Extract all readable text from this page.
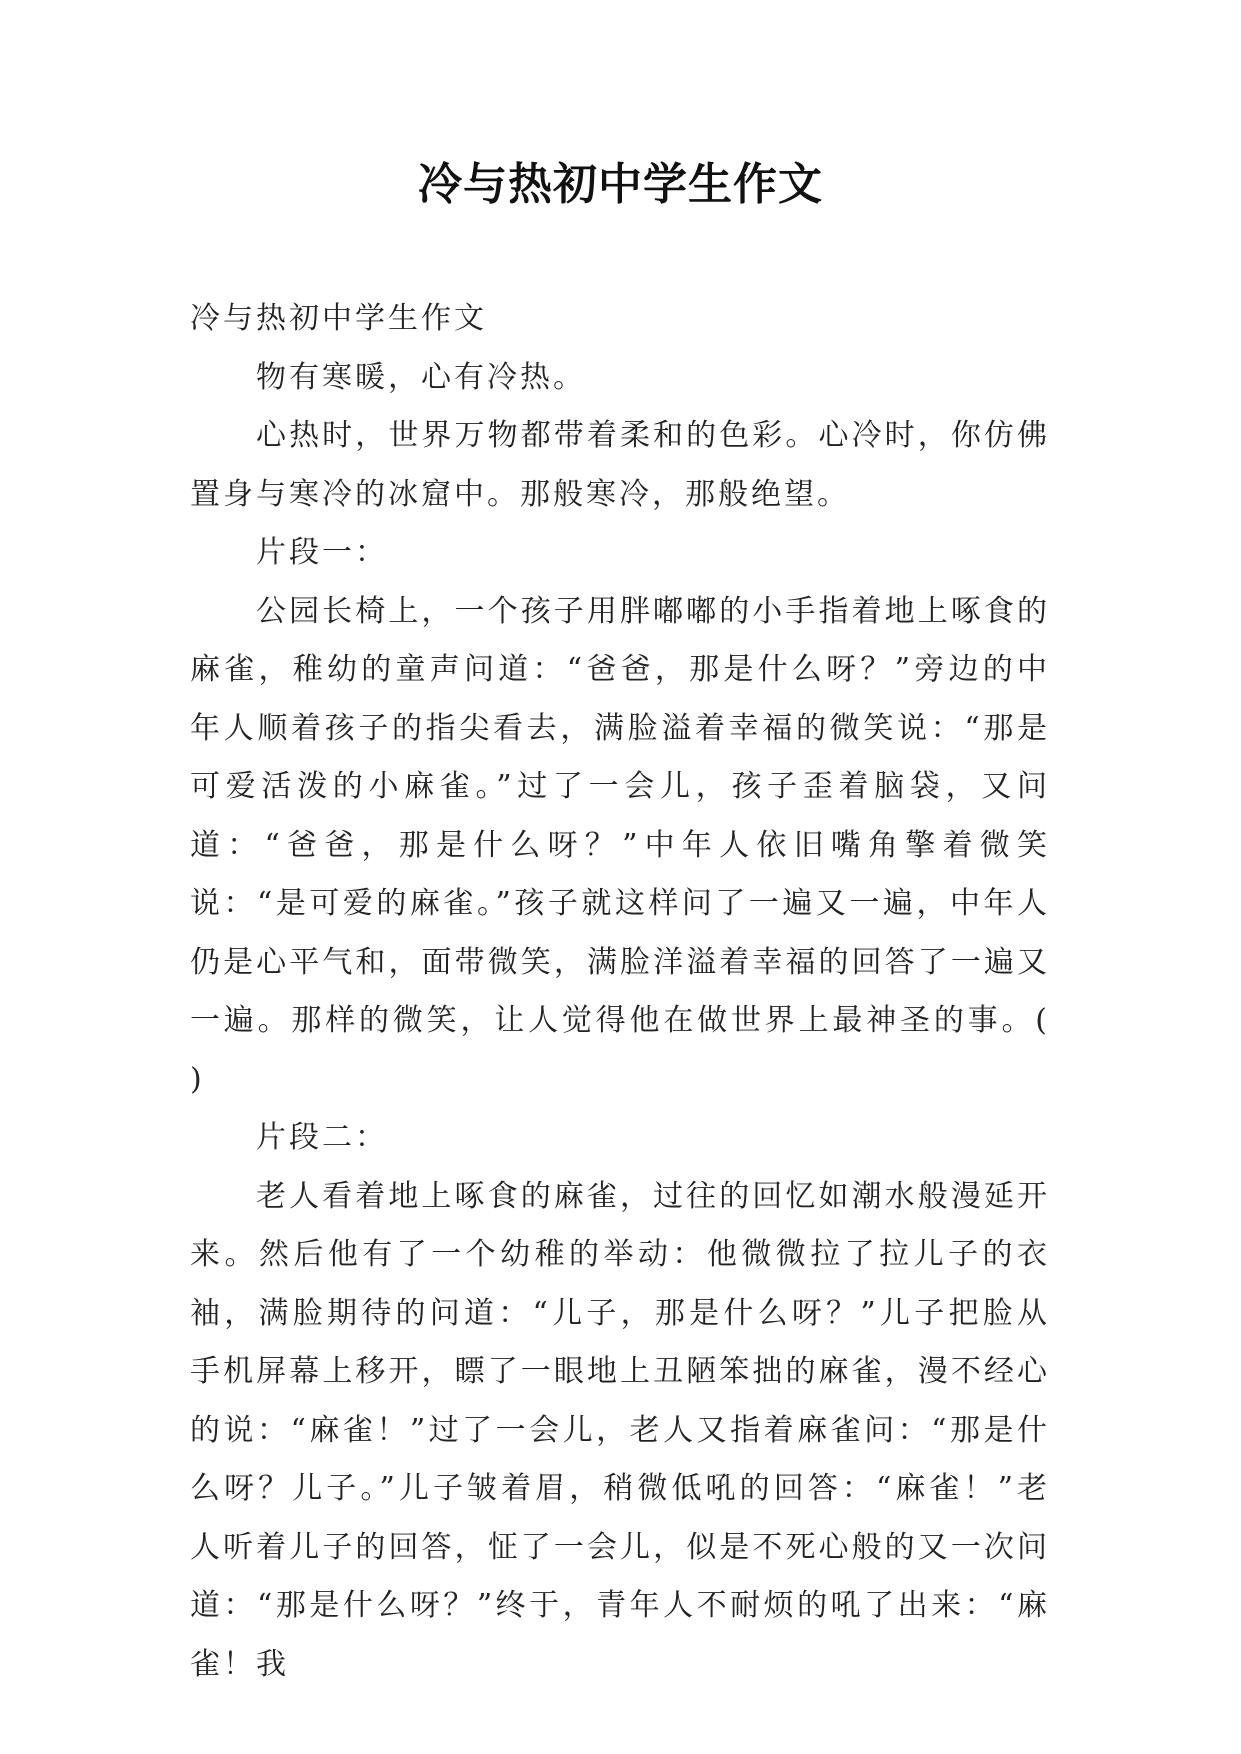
冷与热初中学生作文

冷与热初中学生作文

物有寒暖，心有冷热。

心热时，世界万物都带着柔和的色彩。心冷时，你仿佛置身与寒冷的冰窟中。那般寒冷，那般绝望。

片段一：

公园长椅上，一个孩子用胖嘟嘟的小手指着地上啄食的麻雀，稚幼的童声问道：“爸爸，那是什么呀？”旁边的中年人顺着孩子的指尖看去，满脸溢着幸福的微笑说：“那是可爱活泼的小麻雀。”过了一会儿，孩子歪着脑袋，又问道：“爸爸，那是什么呀？”中年人依旧嘴角擎着微笑说：“是可爱的麻雀。”孩子就这样问了一遍又一遍，中年人仍是心平气和，面带微笑，满脸洋溢着幸福的回答了一遍又一遍。那样的微笑，让人觉得他在做世界上最神圣的事。( )

片段二：

老人看着地上啄食的麻雀，过往的回忆如潮水般漫延开来。然后他有了一个幼稚的举动：他微微拉了拉儿子的衣袖，满脸期待的问道：“儿子，那是什么呀？”儿子把脸从手机屏幕上移开，瞟了一眼地上丑陋笨拙的麻雀，漫不经心的说：“麻雀！”过了一会儿，老人又指着麻雀问：“那是什么呀？儿子。”儿子皱着眉，稍微低吼的回答：“麻雀！”老人听着儿子的回答，怔了一会儿，似是不死心般的又一次问道：“那是什么呀？”终于，青年人不耐烦的吼了出来：“麻雀！我
